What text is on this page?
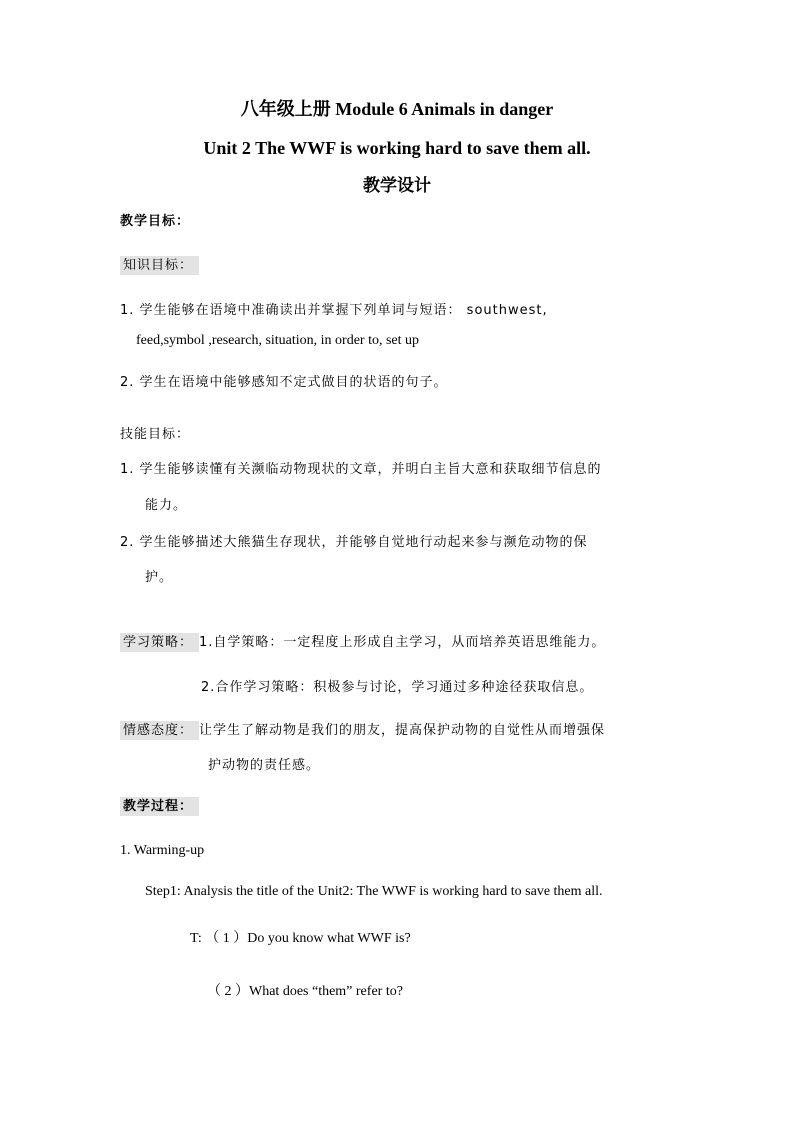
八年级上册 Module 6 Animals in danger
Unit 2 The WWF is working hard to save them all.
教学设计
教学目标：
知识目标：
1. 学生能够在语境中准确读出并掌握下列单词与短语： southwest,
feed,symbol ,research, situation, in order to, set up
2. 学生在语境中能够感知不定式做目的状语的句子。
技能目标：
1. 学生能够读懂有关濒临动物现状的文章，并明白主旨大意和获取细节信息的
能力。
2. 学生能够描述大熊猫生存现状，并能够自觉地行动起来参与濒危动物的保
护。
学习策略： 1.自学策略：一定程度上形成自主学习，从而培养英语思维能力。
2.合作学习策略：积极参与讨论，学习通过多种途径获取信息。
情感态度： 让学生了解动物是我们的朋友，提高保护动物的自觉性从而增强保
护动物的责任感。
教学过程：
1. Warming-up
Step1: Analysis the title of the Unit2: The WWF is working hard to save them all.
T: （ 1 ）Do you know what WWF is?
（ 2 ）What does “them” refer to?
